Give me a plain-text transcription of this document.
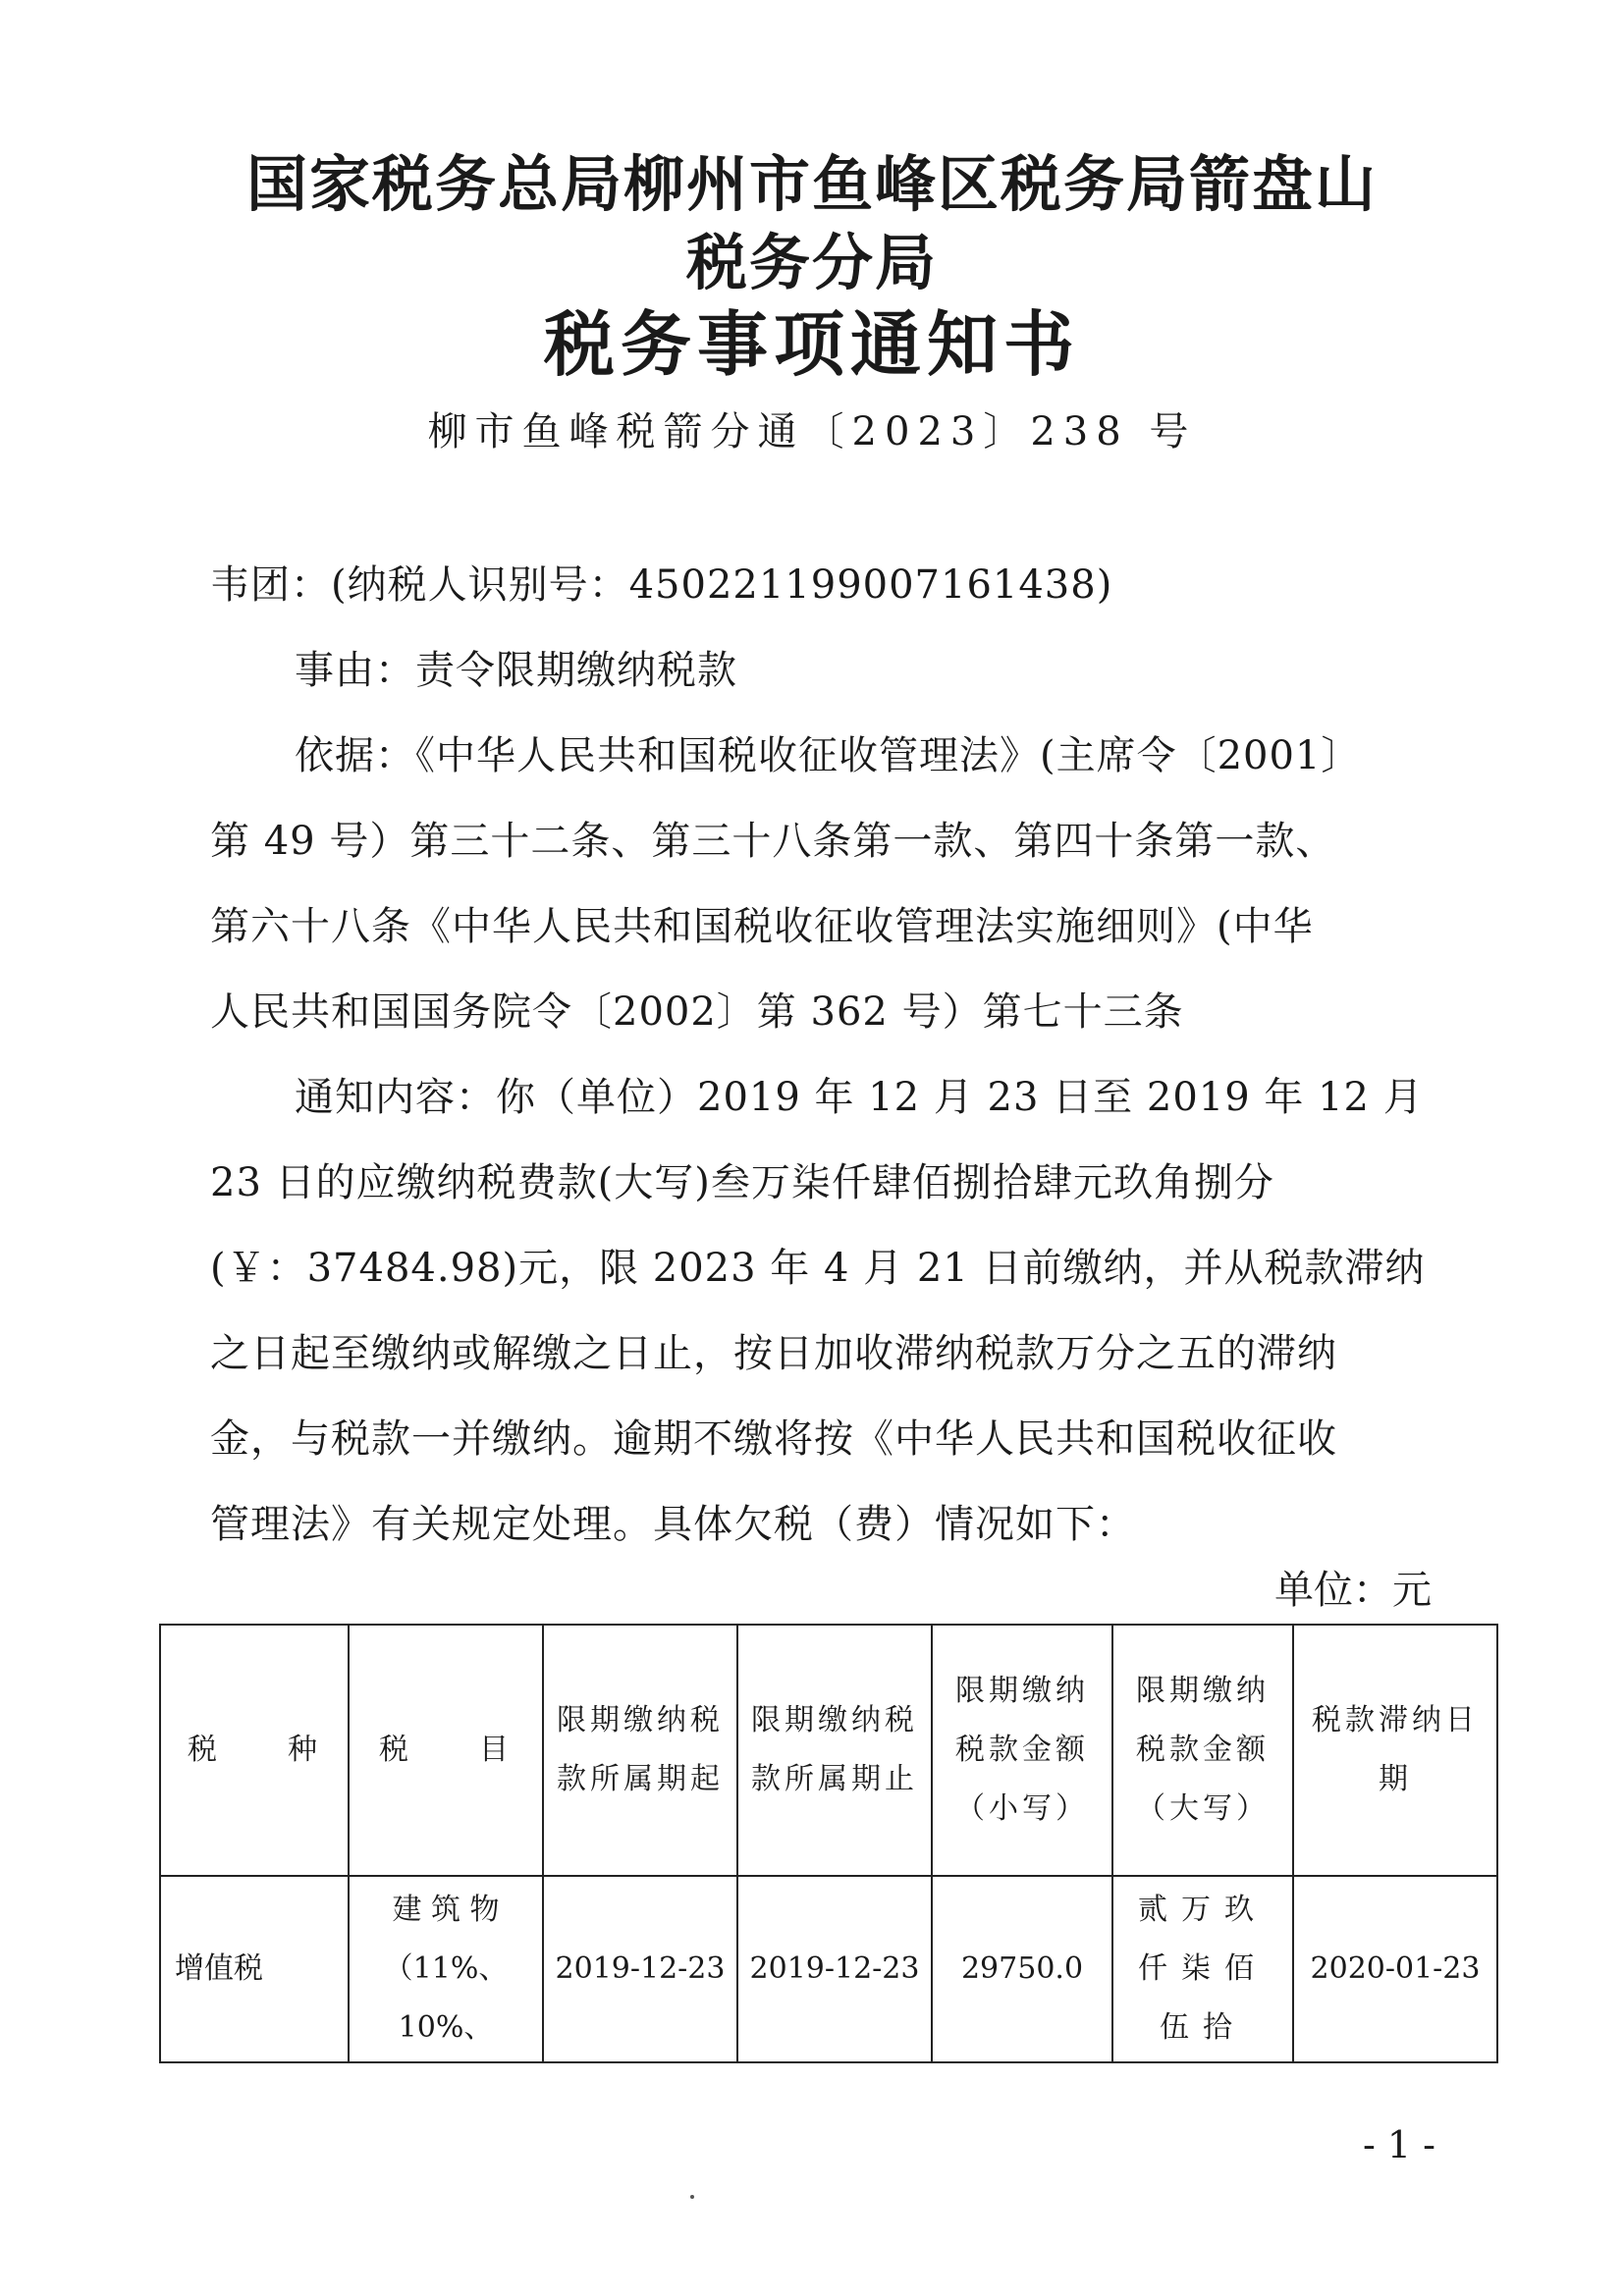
国家税务总局柳州市鱼峰区税务局箭盘山
税务分局
税务事项通知书
柳市鱼峰税箭分通〔2023〕238 号
韦团：(纳税人识别号：450221199007161438)
事由：责令限期缴纳税款
依据：《中华人民共和国税收征收管理法》(主席令〔2001〕
第 49 号）第三十二条、第三十八条第一款、第四十条第一款、
第六十八条《中华人民共和国税收征收管理法实施细则》(中华
人民共和国国务院令〔2002〕第 362 号）第七十三条
通知内容：你（单位）2019 年 12 月 23 日至 2019 年 12 月
23 日的应缴纳税费款(大写)叁万柒仟肆佰捌拾肆元玖角捌分
(￥：37484.98)元，限 2023 年 4 月 21 日前缴纳，并从税款滞纳
之日起至缴纳或解缴之日止，按日加收滞纳税款万分之五的滞纳
金，与税款一并缴纳。逾期不缴将按《中华人民共和国税收征收
管理法》有关规定处理。具体欠税（费）情况如下：
单位：元
税　　种	税　　目	限期缴纳税款所属期起	限期缴纳税款所属期止	限期缴纳税款金额（小写）	限期缴纳税款金额（大写）	税款滞纳日期
增值税	建 筑 物 （11%、10%、	2019-12-23	2019-12-23	29750.0	贰万玖仟柒佰伍拾	2020-01-23
- 1 -
